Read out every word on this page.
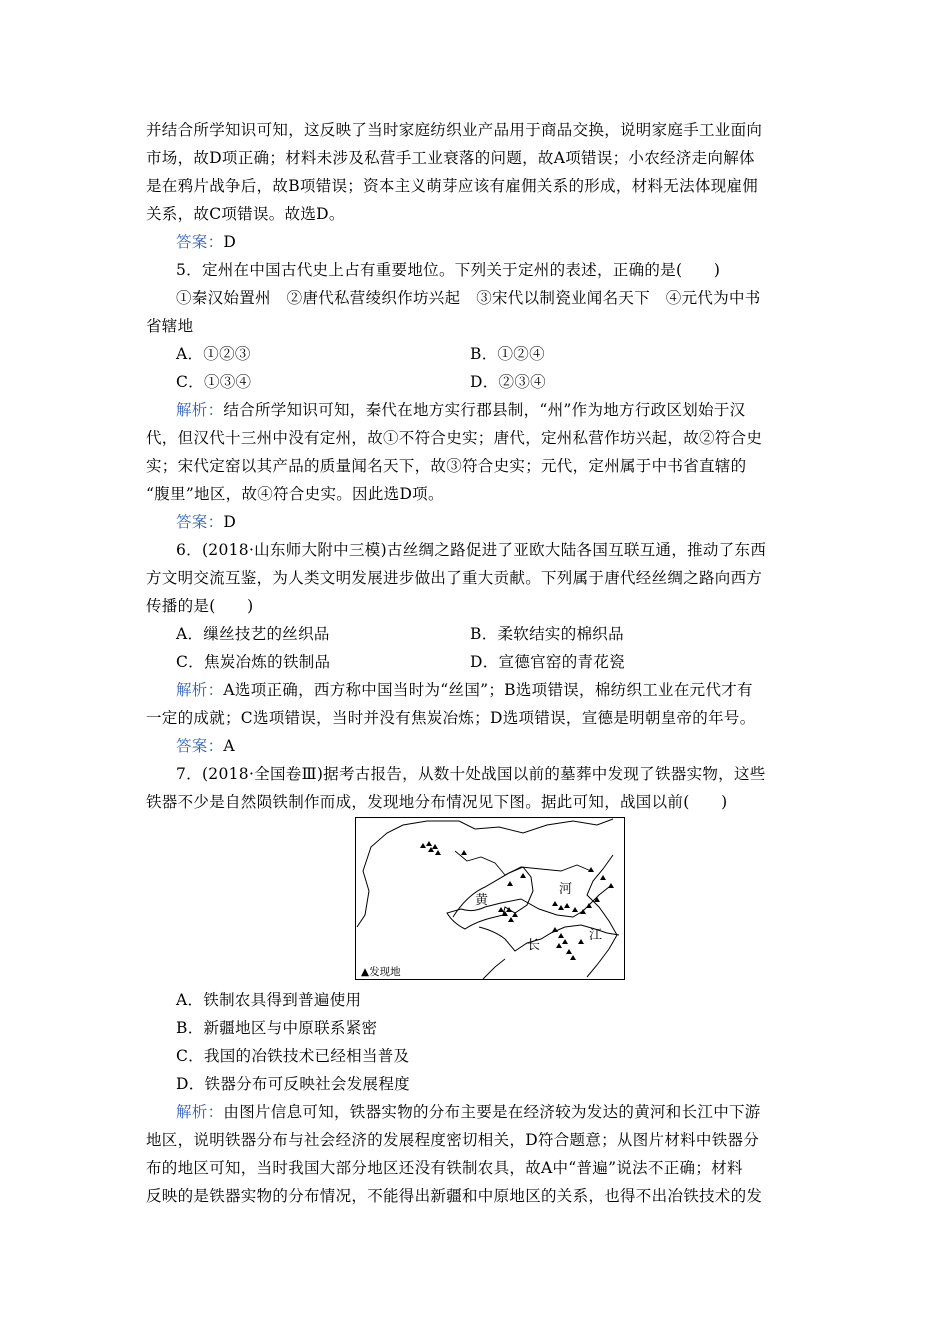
并结合所学知识可知，这反映了当时家庭纺织业产品用于商品交换，说明家庭手工业面向
市场，故D项正确；材料未涉及私营手工业衰落的问题，故A项错误；小农经济走向解体
是在鸦片战争后，故B项错误；资本主义萌芽应该有雇佣关系的形成，材料无法体现雇佣
关系，故C项错误。故选D。
答案：D
5．定州在中国古代史上占有重要地位。下列关于定州的表述，正确的是(　　)
①秦汉始置州　②唐代私营绫织作坊兴起　③宋代以制瓷业闻名天下　④元代为中书
省辖地
A．①②③	B．①②④
C．①③④	D．②③④
解析：结合所学知识可知，秦代在地方实行郡县制，“州”作为地方行政区划始于汉
代，但汉代十三州中没有定州，故①不符合史实；唐代，定州私营作坊兴起，故②符合史
实；宋代定窑以其产品的质量闻名天下，故③符合史实；元代，定州属于中书省直辖的
“腹里”地区，故④符合史实。因此选D项。
答案：D
6．(2018·山东师大附中三模)古丝绸之路促进了亚欧大陆各国互联互通，推动了东西
方文明交流互鉴，为人类文明发展进步做出了重大贡献。下列属于唐代经丝绸之路向西方
传播的是(　　)
A．缫丝技艺的丝织品	B．柔软结实的棉织品
C．焦炭冶炼的铁制品	D．宣德官窑的青花瓷
解析：A选项正确，西方称中国当时为“丝国”；B选项错误，棉纺织工业在元代才有
一定的成就；C选项错误，当时并没有焦炭冶炼；D选项错误，宣德是明朝皇帝的年号。
答案：A
7．(2018·全国卷Ⅲ)据考古报告，从数十处战国以前的墓葬中发现了铁器实物，这些
铁器不少是自然陨铁制作而成，发现地分布情况见下图。据此可知，战国以前(　　)
黄
河
长
江
▲发现地
A．铁制农具得到普遍使用
B．新疆地区与中原联系紧密
C．我国的冶铁技术已经相当普及
D．铁器分布可反映社会发展程度
解析：由图片信息可知，铁器实物的分布主要是在经济较为发达的黄河和长江中下游
地区，说明铁器分布与社会经济的发展程度密切相关，D符合题意；从图片材料中铁器分
布的地区可知，当时我国大部分地区还没有铁制农具，故A中“普遍”说法不正确；材料
反映的是铁器实物的分布情况，不能得出新疆和中原地区的关系，也得不出冶铁技术的发
